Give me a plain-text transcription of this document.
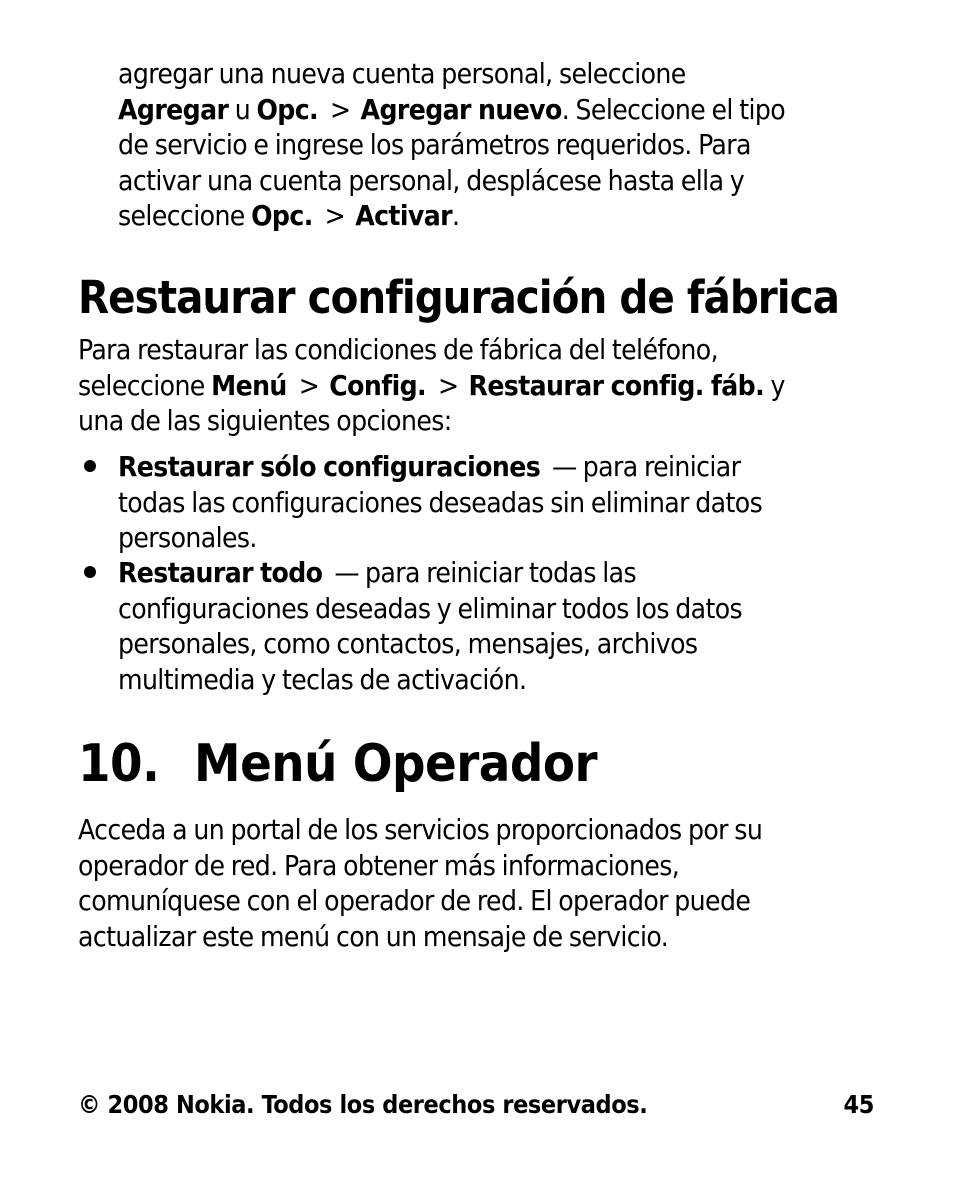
agregar una nueva cuenta personal, seleccione
Agregar u Opc. > Agregar nuevo. Seleccione el tipo
de servicio e ingrese los parámetros requeridos. Para
activar una cuenta personal, desplácese hasta ella y
seleccione Opc. > Activar.

Restaurar configuración de fábrica

Para restaurar las condiciones de fábrica del teléfono,
seleccione Menú > Config. > Restaurar config. fáb. y
una de las siguientes opciones:

Restaurar sólo configuraciones — para reiniciar
todas las configuraciones deseadas sin eliminar datos
personales.

Restaurar todo — para reiniciar todas las
configuraciones deseadas y eliminar todos los datos
personales, como contactos, mensajes, archivos
multimedia y teclas de activación.

10. Menú Operador

Acceda a un portal de los servicios proporcionados por su
operador de red. Para obtener más informaciones,
comuníquese con el operador de red. El operador puede
actualizar este menú con un mensaje de servicio.

© 2008 Nokia. Todos los derechos reservados.	45
